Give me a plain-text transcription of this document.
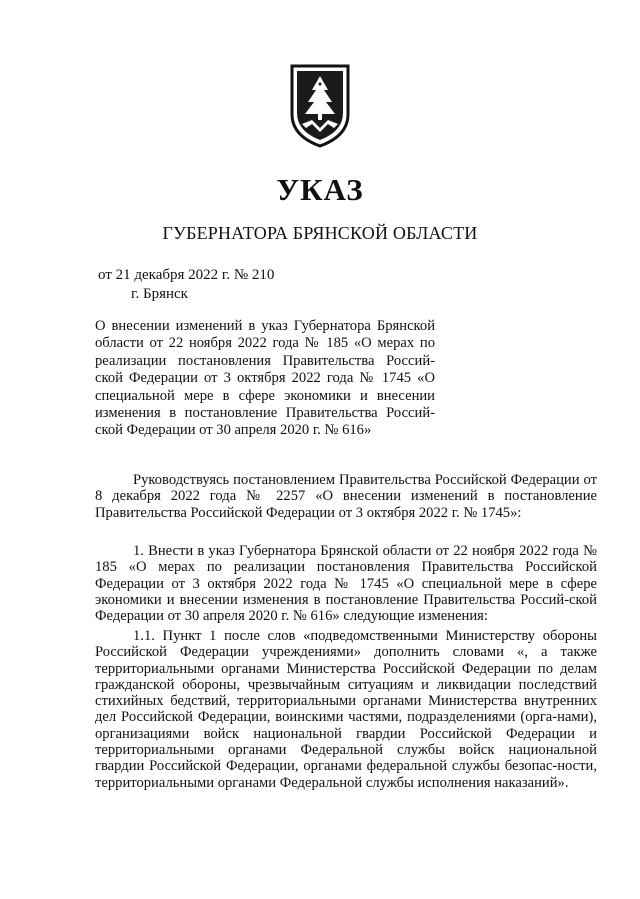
УКАЗ
ГУБЕРНАТОРА БРЯНСКОЙ ОБЛАСТИ
от 21 декабря 2022 г. № 210
г. Брянск
О внесении изменений в указ Губернатора Брянской области от 22 ноября 2022 года № 185 «О мерах по реализации постановления Правительства Россий-ской Федерации от 3 октября 2022 года № 1745 «О специальной мере в сфере экономики и внесении изменения в постановление Правительства Россий-ской Федерации от 30 апреля 2020 г. № 616»

Руководствуясь постановлением Правительства Российской Федерации от 8 декабря 2022 года № 2257 «О внесении изменений в постановление Правительства Российской Федерации от 3 октября 2022 г. № 1745»:

1. Внести в указ Губернатора Брянской области от 22 ноября 2022 года № 185 «О мерах по реализации постановления Правительства Российской Федерации от 3 октября 2022 года № 1745 «О специальной мере в сфере экономики и внесении изменения в постановление Правительства Россий-ской Федерации от 30 апреля 2020 г. № 616» следующие изменения:

1.1. Пункт 1 после слов «подведомственными Министерству обороны Российской Федерации учреждениями» дополнить словами «, а также территориальными органами Министерства Российской Федерации по делам гражданской обороны, чрезвычайным ситуациям и ликвидации последствий стихийных бедствий, территориальными органами Министерства внутренних дел Российской Федерации, воинскими частями, подразделениями (орга-нами), организациями войск национальной гвардии Российской Федерации и территориальными органами Федеральной службы войск национальной гвардии Российской Федерации, органами федеральной службы безопас-ности, территориальными органами Федеральной службы исполнения наказаний».
